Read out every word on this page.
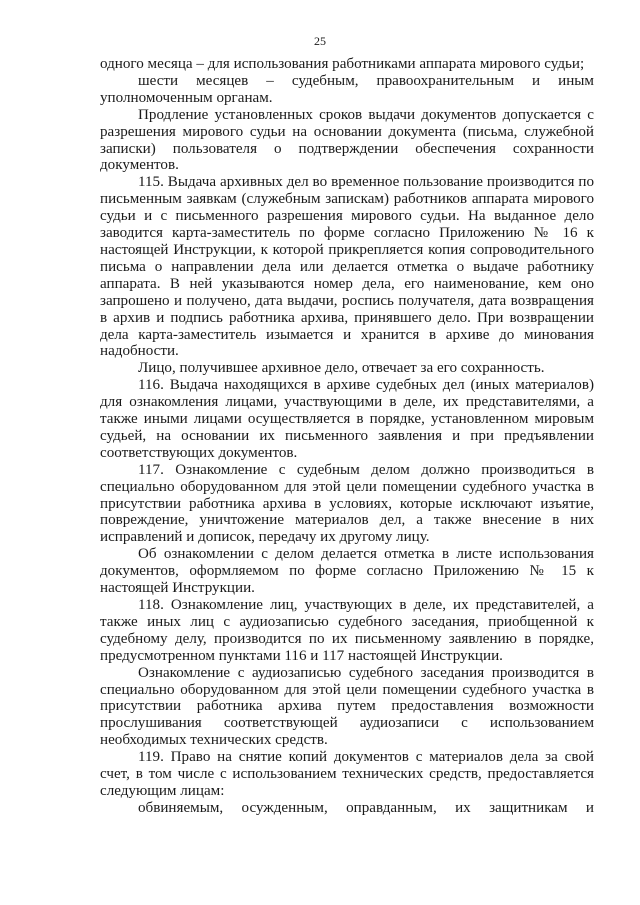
25

одного месяца – для использования работниками аппарата мирового судьи;

шести месяцев – судебным, правоохранительным и иным уполномоченным органам.

Продление установленных сроков выдачи документов допускается с разрешения мирового судьи на основании документа (письма, служебной записки) пользователя о подтверждении обеспечения сохранности документов.

115. Выдача архивных дел во временное пользование производится по письменным заявкам (служебным запискам) работников аппарата мирового судьи и с письменного разрешения мирового судьи. На выданное дело заводится карта-заместитель по форме согласно Приложению № 16 к настоящей Инструкции, к которой прикрепляется копия сопроводительного письма о направлении дела или делается отметка о выдаче работнику аппарата. В ней указываются номер дела, его наименование, кем оно запрошено и получено, дата выдачи, роспись получателя, дата возвращения в архив и подпись работника архива, принявшего дело. При возвращении дела карта-заместитель изымается и хранится в архиве до минования надобности.

Лицо, получившее архивное дело, отвечает за его сохранность.

116. Выдача находящихся в архиве судебных дел (иных материалов) для ознакомления лицами, участвующими в деле, их представителями, а также иными лицами осуществляется в порядке, установленном мировым судьей, на основании их письменного заявления и при предъявлении соответствующих документов.

117. Ознакомление с судебным делом должно производиться в специально оборудованном для этой цели помещении судебного участка в присутствии работника архива в условиях, которые исключают изъятие, повреждение, уничтожение материалов дел, а также внесение в них исправлений и дописок, передачу их другому лицу.

Об ознакомлении с делом делается отметка в листе использования документов, оформляемом по форме согласно Приложению № 15 к настоящей Инструкции.

118. Ознакомление лиц, участвующих в деле, их представителей, а также иных лиц с аудиозаписью судебного заседания, приобщенной к судебному делу, производится по их письменному заявлению в порядке, предусмотренном пунктами 116 и 117 настоящей Инструкции.

Ознакомление с аудиозаписью судебного заседания производится в специально оборудованном для этой цели помещении судебного участка в присутствии работника архива путем предоставления возможности прослушивания соответствующей аудиозаписи с использованием необходимых технических средств.

119. Право на снятие копий документов с материалов дела за свой счет, в том числе с использованием технических средств, предоставляется следующим лицам:

обвиняемым, осужденным, оправданным, их защитникам и
